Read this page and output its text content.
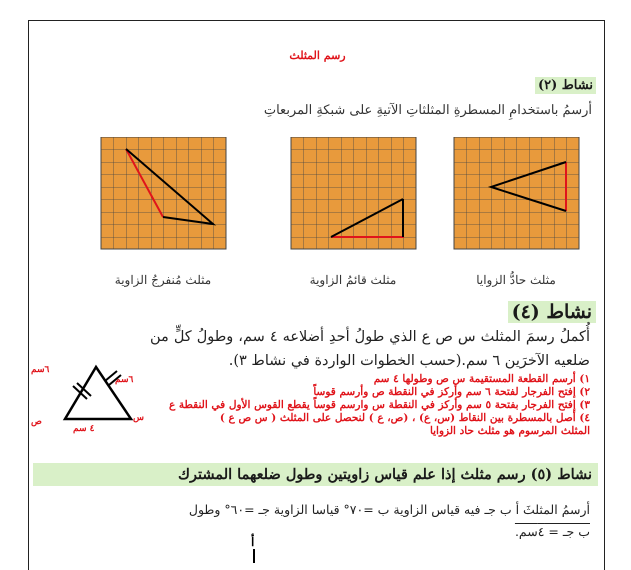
رسم المثلث
نشاط (٢)
أرسمُ باستخدامِ المسطرةِ المثلثاتِ الآتيةِ على شبكةِ المربعاتِ
مثلث مُنفرجُ الزاوية	مثلث قائمُ الزاوية	مثلث حادُّ الزوايا
نشاط (٤)
أُكملُ رسمَ المثلث س ص ع الذي طولُ أحدِ أضلاعه ٤ سم، وطولُ كلٍّ من ضلعيه الآخرَين ٦ سم.(حسب الخطوات الواردة في نشاط ٣).
٦سم
٦سم
٤ سم
س
ص
١) أرسم القطعة المستقيمة س ص وطولها ٤ سم
٢) إفتح الفرجار لفتحة ٦ سم وأركز في النقطة ص وأرسم قوساً
٣) إفتح الفرجار بفتحة ٥ سم وأركز في النقطة س وارسم قوساً يقطع القوس الأول في النقطة ع
٤) أصل بالمسطرة بين النقاط (س، ع) ، (ص، ع ) لنحصل على المثلث ( س ص ع )
المثلث المرسوم هو مثلث حاد الزوايا
نشاط (٥) رسم مثلث إذا علم قياس زاويتين وطول ضلعهما المشترك
أرسمُ المثلثَ أ ب جـ فيه قياس الزاوية ب =٧٠° قياسا الزاوية جـ =٦٠° وطول
ب جـ = ٤سم.
أ
